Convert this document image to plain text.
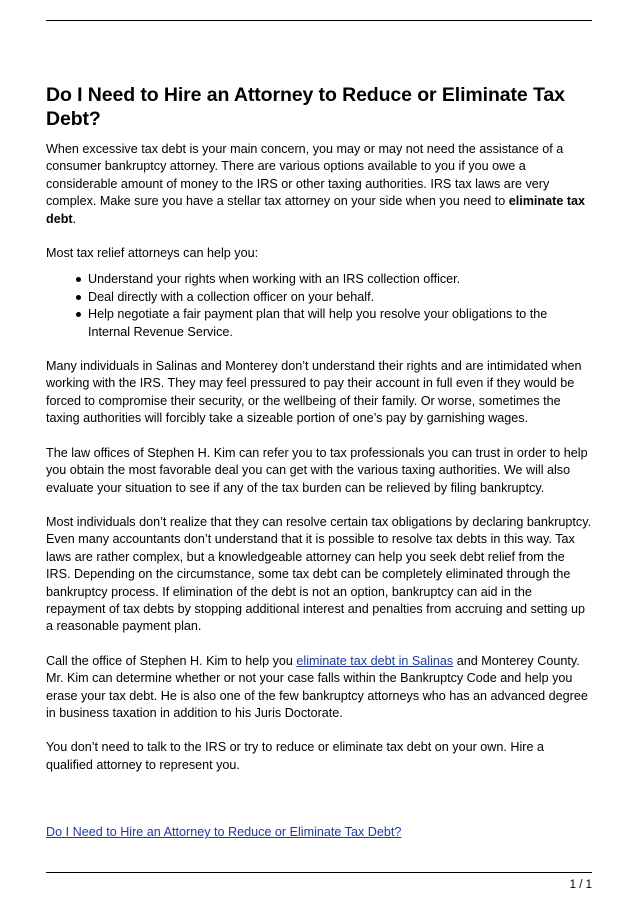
Do I Need to Hire an Attorney to Reduce or Eliminate Tax Debt?

When excessive tax debt is your main concern, you may or may not need the assistance of a consumer bankruptcy attorney. There are various options available to you if you owe a considerable amount of money to the IRS or other taxing authorities. IRS tax laws are very complex. Make sure you have a stellar tax attorney on your side when you need to eliminate tax debt.

Most tax relief attorneys can help you:

Understand your rights when working with an IRS collection officer.
Deal directly with a collection officer on your behalf.
Help negotiate a fair payment plan that will help you resolve your obligations to the Internal Revenue Service.

Many individuals in Salinas and Monterey don’t understand their rights and are intimidated when working with the IRS. They may feel pressured to pay their account in full even if they would be forced to compromise their security, or the wellbeing of their family. Or worse, sometimes the taxing authorities will forcibly take a sizeable portion of one’s pay by garnishing wages.

The law offices of Stephen H. Kim can refer you to tax professionals you can trust in order to help you obtain the most favorable deal you can get with the various taxing authorities. We will also evaluate your situation to see if any of the tax burden can be relieved by filing bankruptcy.

Most individuals don’t realize that they can resolve certain tax obligations by declaring bankruptcy. Even many accountants don’t understand that it is possible to resolve tax debts in this way. Tax laws are rather complex, but a knowledgeable attorney can help you seek debt relief from the IRS. Depending on the circumstance, some tax debt can be completely eliminated through the bankruptcy process. If elimination of the debt is not an option, bankruptcy can aid in the repayment of tax debts by stopping additional interest and penalties from accruing and setting up a reasonable payment plan.

Call the office of Stephen H. Kim to help you eliminate tax debt in Salinas and Monterey County. Mr. Kim can determine whether or not your case falls within the Bankruptcy Code and help you erase your tax debt. He is also one of the few bankruptcy attorneys who has an advanced degree in business taxation in addition to his Juris Doctorate.

You don’t need to talk to the IRS or try to reduce or eliminate tax debt on your own. Hire a qualified attorney to represent you.

Do I Need to Hire an Attorney to Reduce or Eliminate Tax Debt?

1 / 1
